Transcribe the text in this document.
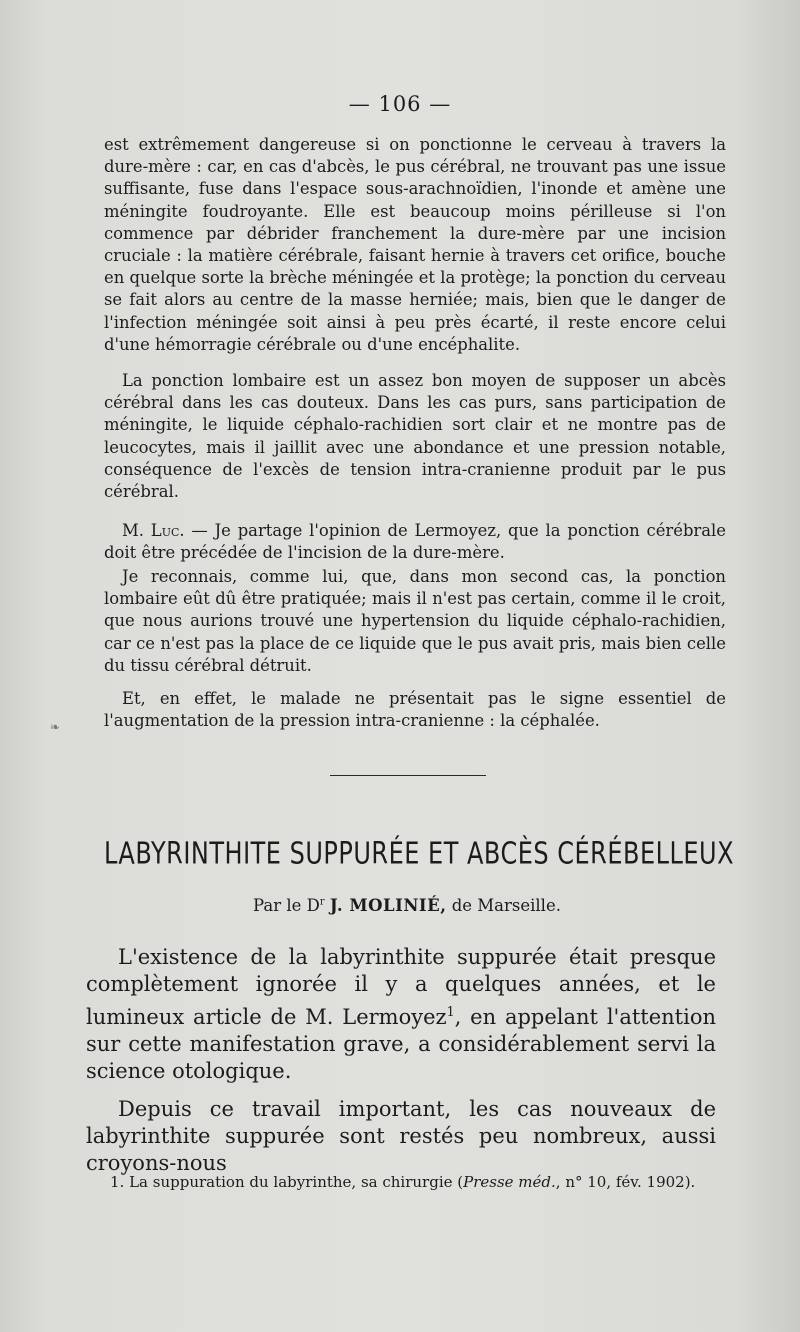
— 106 —

est extrêmement dangereuse si on ponctionne le cerveau à travers la dure-mère : car, en cas d'abcès, le pus cérébral, ne trouvant pas une issue suffisante, fuse dans l'espace sous-arachnoïdien, l'inonde et amène une méningite foudroyante. Elle est beaucoup moins périlleuse si l'on commence par débrider franchement la dure-mère par une incision cruciale : la matière cérébrale, faisant hernie à travers cet orifice, bouche en quelque sorte la brèche méningée et la protège; la ponction du cerveau se fait alors au centre de la masse herniée; mais, bien que le danger de l'infection méningée soit ainsi à peu près écarté, il reste encore celui d'une hémorragie cérébrale ou d'une encéphalite.

La ponction lombaire est un assez bon moyen de supposer un abcès cérébral dans les cas douteux. Dans les cas purs, sans participation de méningite, le liquide céphalo-rachidien sort clair et ne montre pas de leucocytes, mais il jaillit avec une abondance et une pression notable, conséquence de l'excès de tension intra-cranienne produit par le pus cérébral.

M. Luc. — Je partage l'opinion de Lermoyez, que la ponction cérébrale doit être précédée de l'incision de la dure-mère.

Je reconnais, comme lui, que, dans mon second cas, la ponction lombaire eût dû être pratiquée; mais il n'est pas certain, comme il le croit, que nous aurions trouvé une hypertension du liquide céphalo-rachidien, car ce n'est pas la place de ce liquide que le pus avait pris, mais bien celle du tissu cérébral détruit.

Et, en effet, le malade ne présentait pas le signe essentiel de l'augmentation de la pression intra-cranienne : la céphalée.

❧
LABYRINTHITE SUPPURÉE ET ABCÈS CÉRÉBELLEUX
Par le $D^r$ J. MOLINIÉ, de Marseille.

L'existence de la labyrinthite suppurée était presque complètement ignorée il y a quelques années, et le lumineux article de M. Lermoyez$^1$, en appelant l'attention sur cette manifestation grave, a considérablement servi la science otologique.

Depuis ce travail important, les cas nouveaux de labyrinthite suppurée sont restés peu nombreux, aussi croyons-nous

1. La suppuration du labyrinthe, sa chirurgie (Presse méd., n° 10, fév. 1902).
